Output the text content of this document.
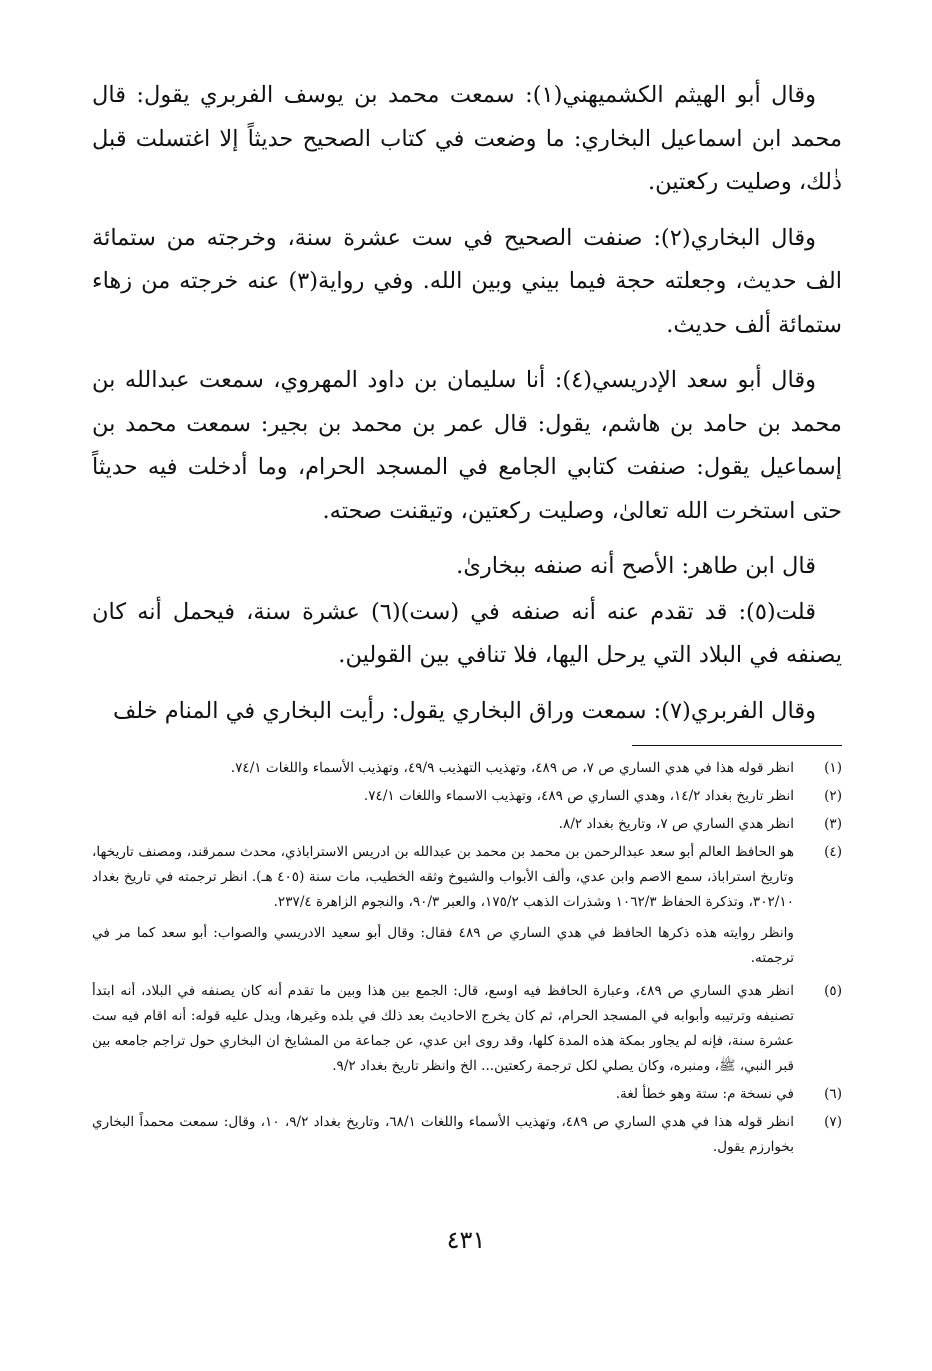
وقال أبو الهيثم الكشميهني(١): سمعت محمد بن يوسف الفربري يقول: قال محمد ابن اسماعيل البخاري: ما وضعت في كتاب الصحيح حديثاً إلا اغتسلت قبل ذٰلك، وصليت ركعتين.

وقال البخاري(٢): صنفت الصحيح في ست عشرة سنة، وخرجته من ستمائة الف حديث، وجعلته حجة فيما بيني وبين الله. وفي رواية(٣) عنه خرجته من زهاء ستمائة ألف حديث.

وقال أبو سعد الإدريسي(٤): أنا سليمان بن داود المهروي، سمعت عبدالله بن محمد بن حامد بن هاشم، يقول: قال عمر بن محمد بن بجير: سمعت محمد بن إسماعيل يقول: صنفت كتابي الجامع في المسجد الحرام، وما أدخلت فيه حديثاً حتى استخرت الله تعالىٰ، وصليت ركعتين، وتيقنت صحته.

قال ابن طاهر: الأصح أنه صنفه ببخارىٰ.

قلت(٥): قد تقدم عنه أنه صنفه في (ست)(٦) عشرة سنة، فيحمل أنه كان يصنفه في البلاد التي يرحل اليها، فلا تنافي بين القولين.

وقال الفربري(٧): سمعت وراق البخاري يقول: رأيت البخاري في المنام خلف

(١)
انظر قوله هذا في هدي الساري ص ٧، ص ٤٨٩، وتهذيب التهذيب ٤٩/٩، وتهذيب الأسماء واللغات ٧٤/١.
(٢)
انظر تاريخ بغداد ١٤/٢، وهدي الساري ص ٤٨٩، وتهذيب الاسماء واللغات ٧٤/١.
(٣)
انظر هدي الساري ص ٧، وتاريخ بغداد ٨/٢.
(٤)
هو الحافظ العالم أبو سعد عبدالرحمن بن محمد بن محمد بن عبدالله بن ادريس الاستراباذي، محدث سمرقند، ومصنف تاريخها، وتاريخ استراباذ، سمع الاصم وابن عدي، وألف الأبواب والشيوخ وثقه الخطيب، مات سنة (٤٠٥ هـ). انظر ترجمته في تاريخ بغداد ٣٠٢/١٠، وتذكرة الحفاظ ١٠٦٢/٣ وشذرات الذهب ١٧٥/٢، والعبر ٩٠/٣، والنجوم الزاهرة ٢٣٧/٤.
وانظر روايته هذه ذكرها الحافظ في هدي الساري ص ٤٨٩ فقال: وقال أبو سعيد الادريسي والصواب: أبو سعد كما مر في ترجمته.
(٥)
انظر هدي الساري ص ٤٨٩، وعبارة الحافظ فيه اوسع، قال: الجمع بين هذا وبين ما تقدم أنه كان يصنفه في البلاد، أنه ابتدأ تصنيفه وترتيبه وأبوابه في المسجد الحرام، ثم كان يخرج الاحاديث بعد ذلك في بلده وغيرها، ويدل عليه قوله: أنه اقام فيه ست عشرة سنة، فإنه لم يجاور بمكة هذه المدة كلها، وقد روى ابن عدي، عن جماعة من المشايخ ان البخاري حول تراجم جامعه بين قبر النبي، ﷺ، ومنبره، وكان يصلي لكل ترجمة ركعتين... الخ وانظر تاريخ بغداد ٩/٢.
(٦)
في نسخة م: ستة وهو خطأ لغة.
(٧)
انظر قوله هذا في هدي الساري ص ٤٨٩، وتهذيب الأسماء واللغات ٦٨/١، وتاريخ بغداد ٩/٢، ١٠، وقال: سمعت محمداً البخاري بخوارزم يقول.
٤٣١
